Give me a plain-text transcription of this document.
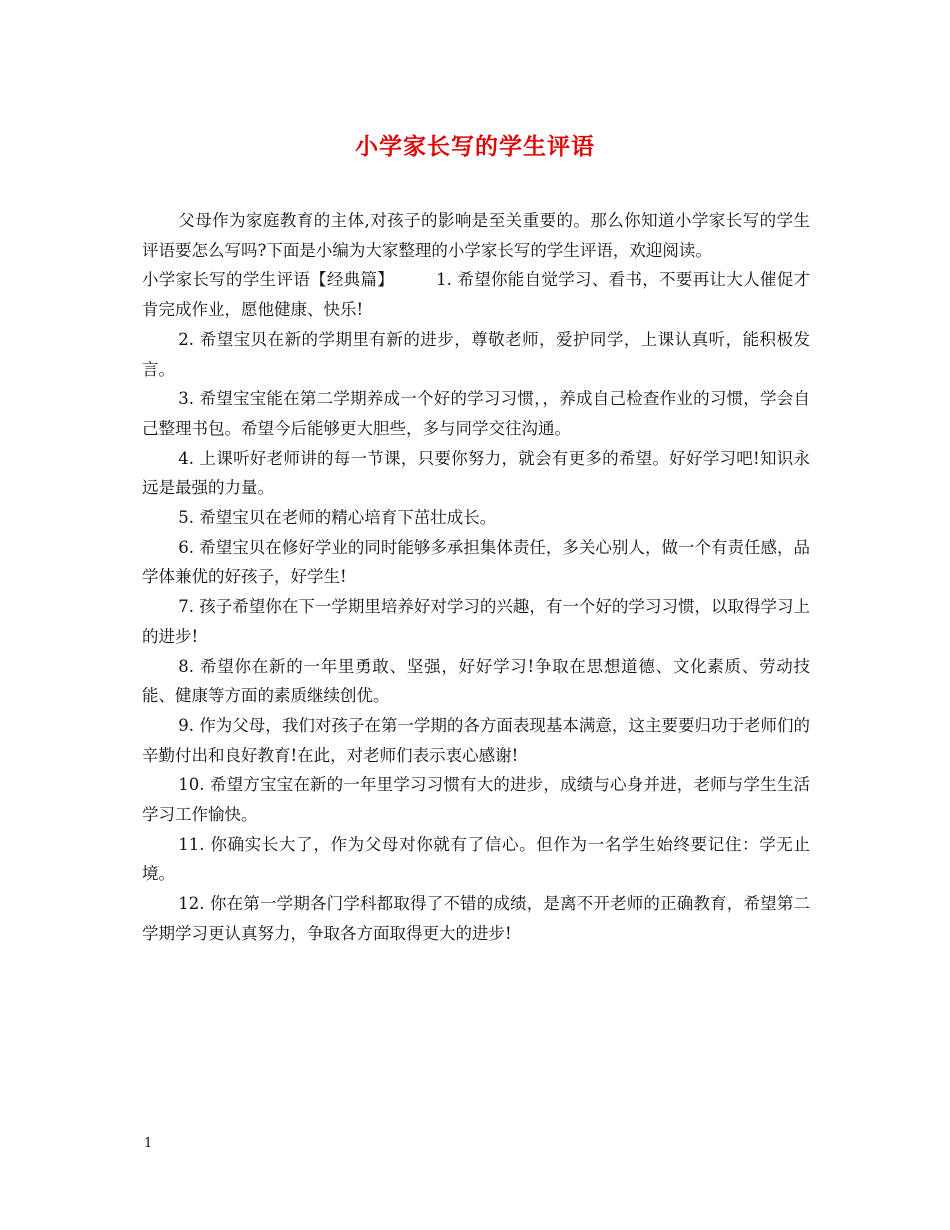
小学家长写的学生评语

父母作为家庭教育的主体,对孩子的影响是至关重要的。那么你知道小学家长写的学生评语要怎么写吗?下面是小编为大家整理的小学家长写的学生评语，欢迎阅读。

小学家长写的学生评语【经典篇】	1. 希望你能自觉学习、看书，不要再让大人催促才肯完成作业，愿他健康、快乐!

2. 希望宝贝在新的学期里有新的进步，尊敬老师，爱护同学，上课认真听，能积极发言。

3. 希望宝宝能在第二学期养成一个好的学习习惯，，养成自己检查作业的习惯，学会自己整理书包。希望今后能够更大胆些，多与同学交往沟通。

4. 上课听好老师讲的每一节课，只要你努力，就会有更多的希望。好好学习吧!知识永远是最强的力量。

5. 希望宝贝在老师的精心培育下茁壮成长。

6. 希望宝贝在修好学业的同时能够多承担集体责任，多关心别人，做一个有责任感，品学体兼优的好孩子，好学生!

7. 孩子希望你在下一学期里培养好对学习的兴趣，有一个好的学习习惯，以取得学习上的进步!

8. 希望你在新的一年里勇敢、坚强，好好学习!争取在思想道德、文化素质、劳动技能、健康等方面的素质继续创优。

9. 作为父母，我们对孩子在第一学期的各方面表现基本满意，这主要要归功于老师们的辛勤付出和良好教育!在此，对老师们表示衷心感谢!

10. 希望方宝宝在新的一年里学习习惯有大的进步，成绩与心身并进，老师与学生生活学习工作愉快。

11. 你确实长大了，作为父母对你就有了信心。但作为一名学生始终要记住：学无止境。

12. 你在第一学期各门学科都取得了不错的成绩，是离不开老师的正确教育，希望第二学期学习更认真努力，争取各方面取得更大的进步!

1
